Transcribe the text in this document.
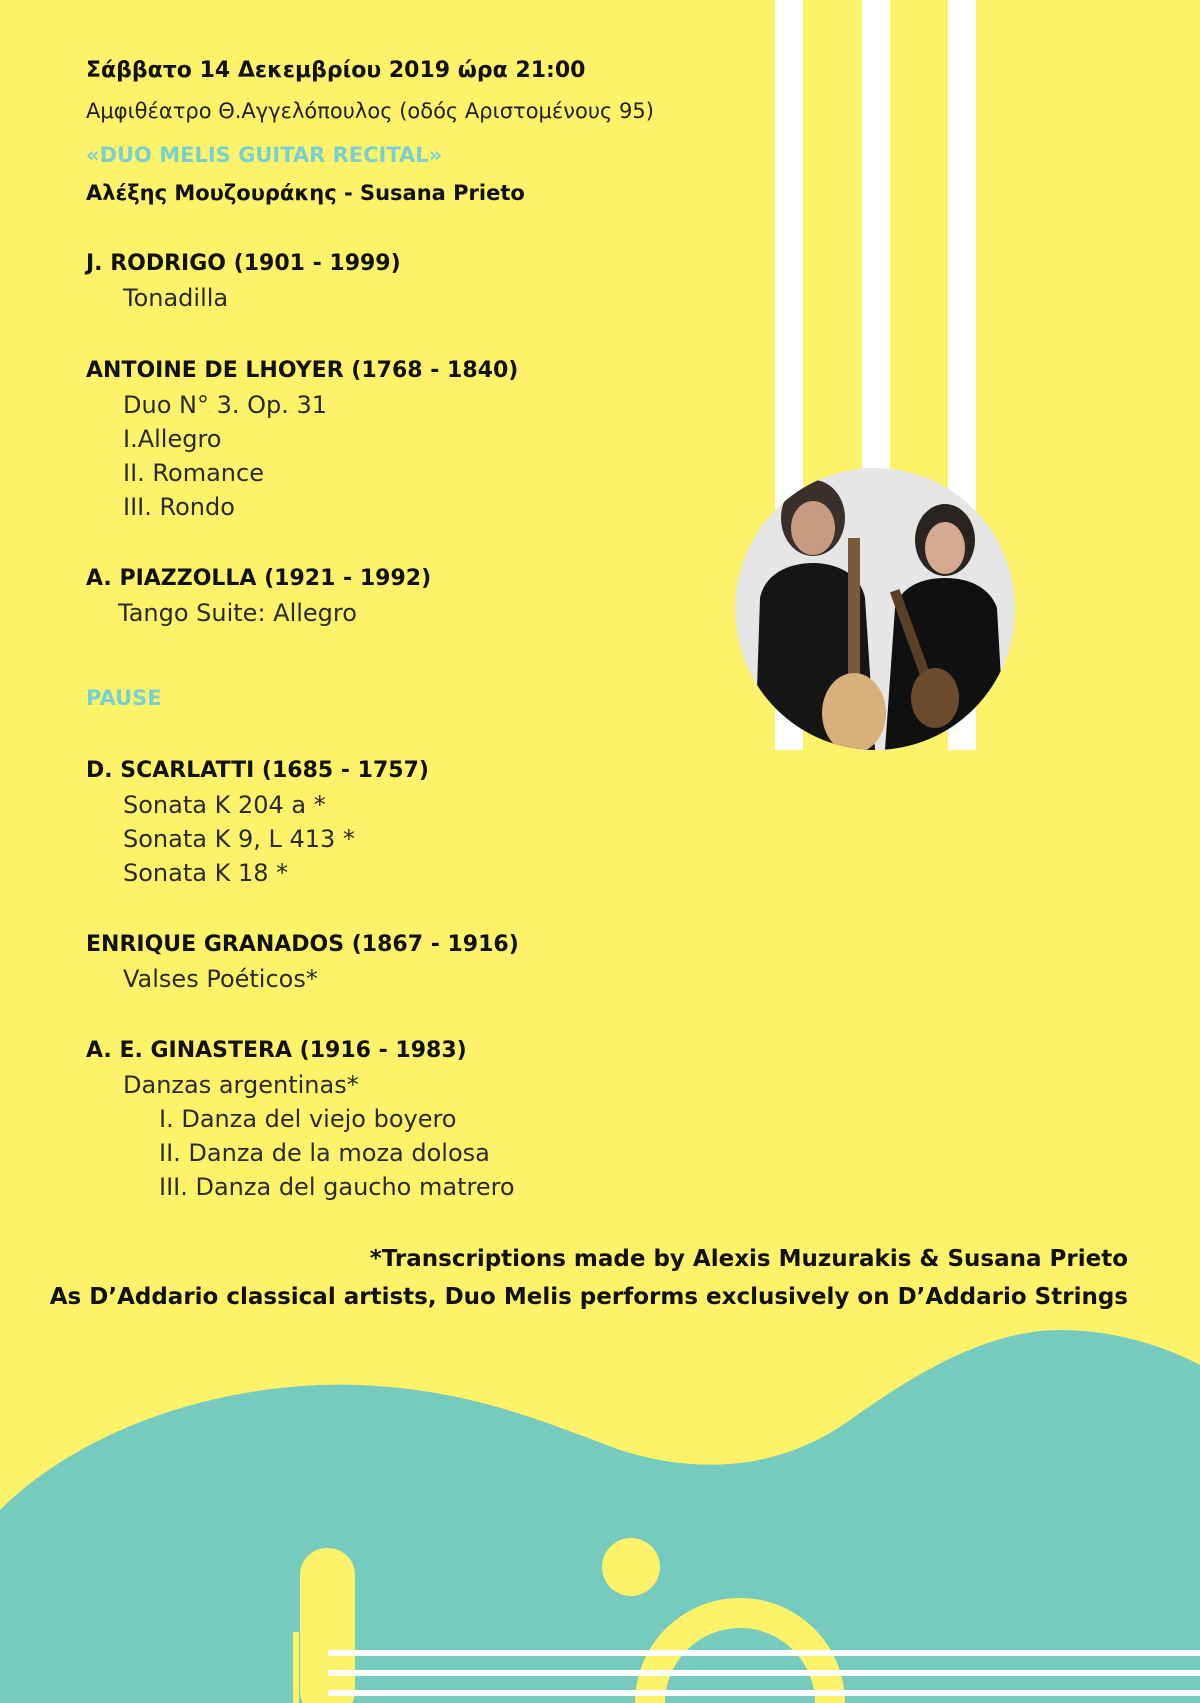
Σάββατο 14 Δεκεμβρίου 2019 ώρα 21:00
Αμφιθέατρο Θ.Αγγελόπουλος (οδός Αριστομένους 95)
«DUO MELIS GUITAR RECITAL»
Αλέξης Μουζουράκης - Susana Prieto
J. RODRIGO (1901 - 1999)
Tonadilla
ANTOINE DE LHOYER (1768 - 1840)
Duo N° 3. Op. 31
I.Allegro
II. Romance
III. Rondo
A. PIAZZOLLA (1921 - 1992)
Tango Suite: Allegro
PAUSE
D. SCARLATTI (1685 - 1757)
Sonata K 204 a *
Sonata K 9, L 413 *
Sonata K 18 *
ENRIQUE GRANADOS (1867 - 1916)
Valses Poéticos*
A. E. GINASTERA (1916 - 1983)
Danzas argentinas*
I. Danza del viejo boyero
II. Danza de la moza dolosa
III. Danza del gaucho matrero
*Transcriptions made by Alexis Muzurakis & Susana Prieto
As D’Addario classical artists, Duo Melis performs exclusively on D’Addario Strings
